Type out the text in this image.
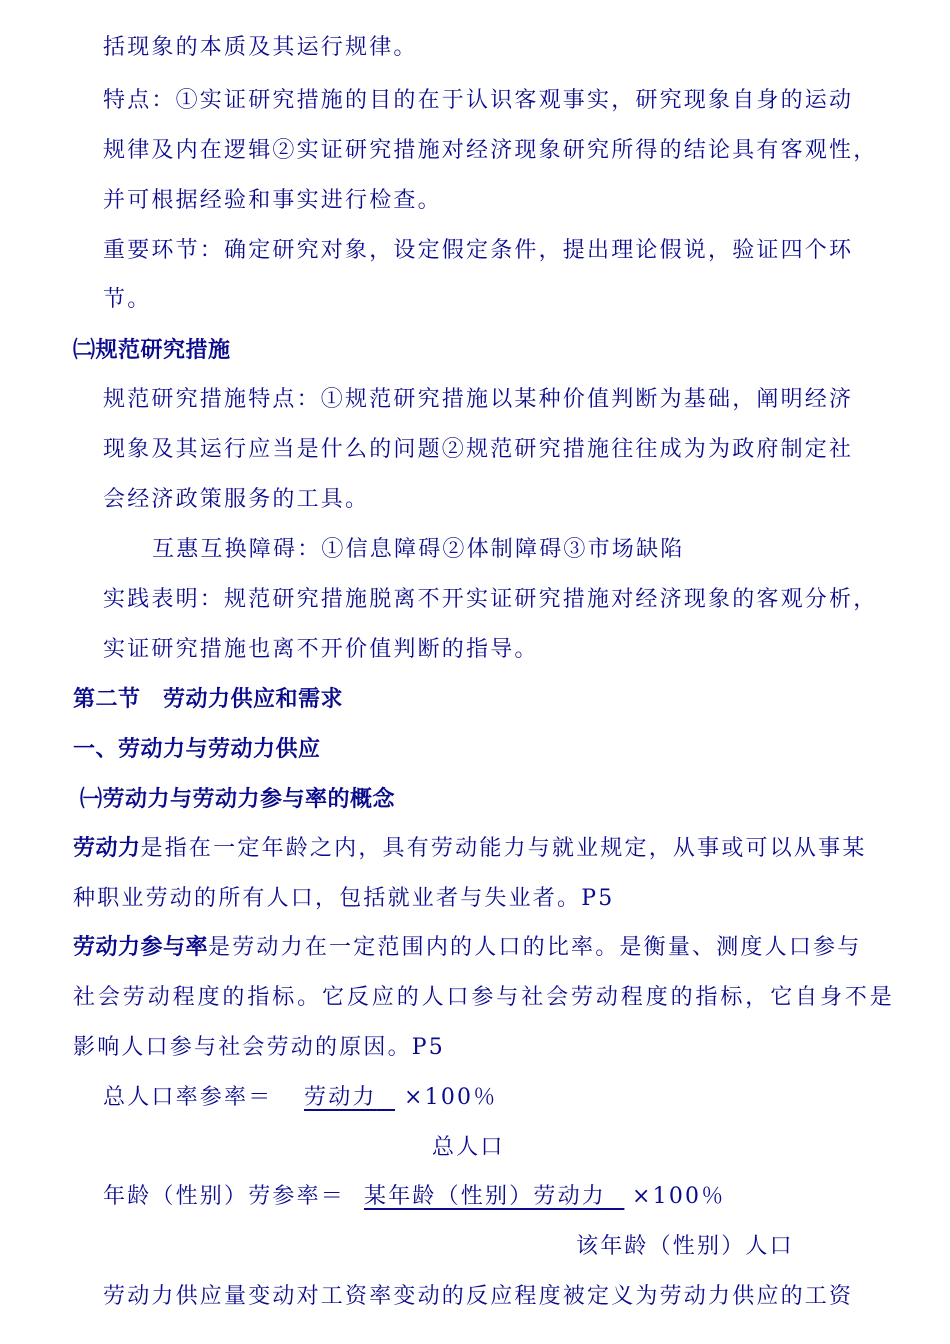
括现象的本质及其运行规律。
特点：①实证研究措施的目的在于认识客观事实，研究现象自身的运动
规律及内在逻辑②实证研究措施对经济现象研究所得的结论具有客观性，
并可根据经验和事实进行检查。
重要环节：确定研究对象，设定假定条件，提出理论假说，验证四个环
节。
㈡规范研究措施
规范研究措施特点：①规范研究措施以某种价值判断为基础，阐明经济
现象及其运行应当是什么的问题②规范研究措施往往成为为政府制定社
会经济政策服务的工具。
互惠互换障碍：①信息障碍②体制障碍③市场缺陷
实践表明：规范研究措施脱离不开实证研究措施对经济现象的客观分析，
实证研究措施也离不开价值判断的指导。
第二节　劳动力供应和需求
一、劳动力与劳动力供应
㈠劳动力与劳动力参与率的概念
劳动力是指在一定年龄之内，具有劳动能力与就业规定，从事或可以从事某
种职业劳动的所有人口，包括就业者与失业者。P5
劳动力参与率是劳动力在一定范围内的人口的比率。是衡量、测度人口参与
社会劳动程度的指标。它反应的人口参与社会劳动程度的指标，它自身不是
影响人口参与社会劳动的原因。P5
总人口率参率＝ 劳动力	×100％
总人口
年龄（性别）劳参率＝ 某年龄（性别）劳动力	×100％
该年龄（性别）人口
劳动力供应量变动对工资率变动的反应程度被定义为劳动力供应的工资
